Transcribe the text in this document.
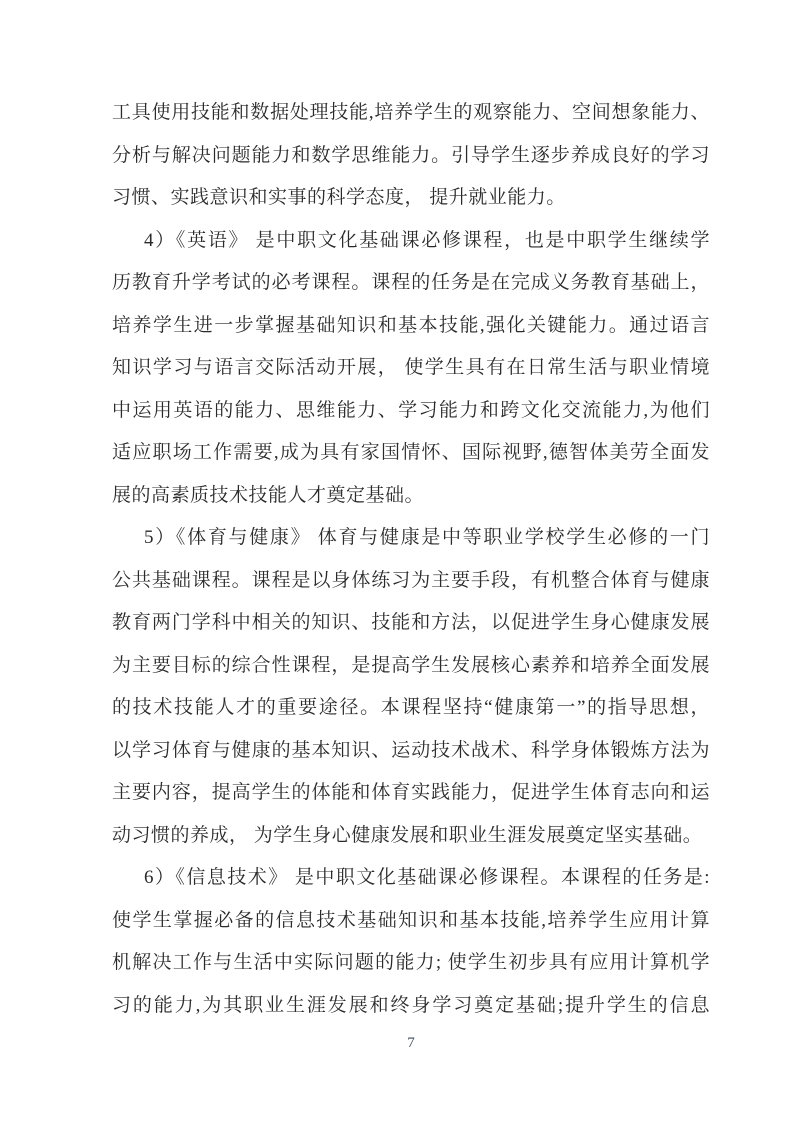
工具使用技能和数据处理技能,培养学生的观察能力、空间想象能力、
分析与解决问题能力和数学思维能力。引导学生逐步养成良好的学习
习惯、实践意识和实事的科学态度， 提升就业能力。
4）《英语》 是中职文化基础课必修课程，也是中职学生继续学
历教育升学考试的必考课程。课程的任务是在完成义务教育基础上，
培养学生进一步掌握基础知识和基本技能,强化关键能力。通过语言
知识学习与语言交际活动开展， 使学生具有在日常生活与职业情境
中运用英语的能力、思维能力、学习能力和跨文化交流能力,为他们
适应职场工作需要,成为具有家国情怀、国际视野,德智体美劳全面发
展的高素质技术技能人才奠定基础。
5）《体育与健康》 体育与健康是中等职业学校学生必修的一门
公共基础课程。课程是以身体练习为主要手段，有机整合体育与健康
教育两门学科中相关的知识、技能和方法，以促进学生身心健康发展
为主要目标的综合性课程，是提高学生发展核心素养和培养全面发展
的技术技能人才的重要途径。本课程坚持“健康第一”的指导思想，
以学习体育与健康的基本知识、运动技术战术、科学身体锻炼方法为
主要内容，提高学生的体能和体育实践能力，促进学生体育志向和运
动习惯的养成， 为学生身心健康发展和职业生涯发展奠定坚实基础。
6）《信息技术》 是中职文化基础课必修课程。本课程的任务是:
使学生掌握必备的信息技术基础知识和基本技能,培养学生应用计算
机解决工作与生活中实际问题的能力; 使学生初步具有应用计算机学
习的能力,为其职业生涯发展和终身学习奠定基础;提升学生的信息
7
